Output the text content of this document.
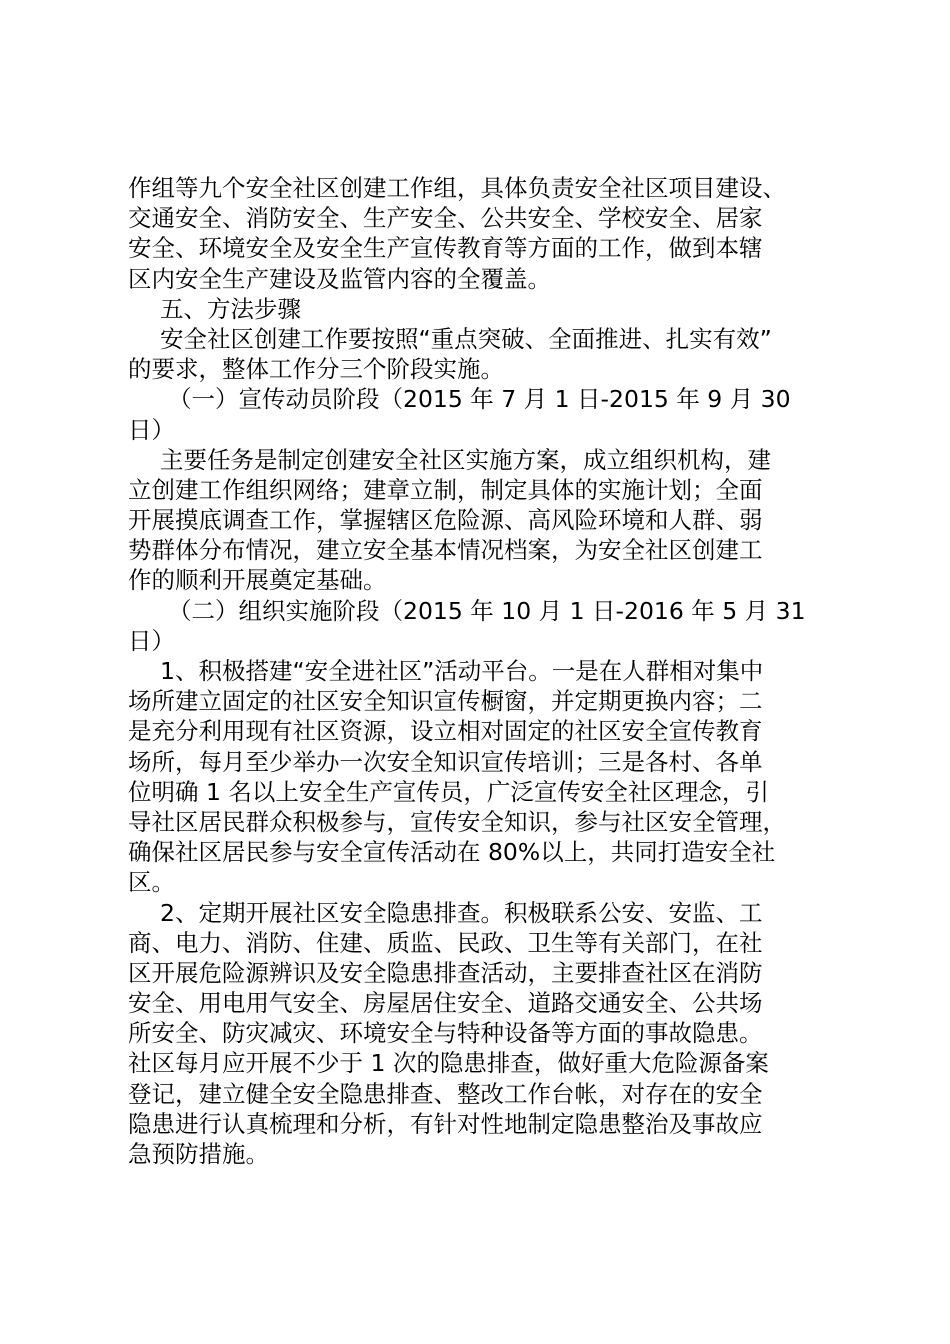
作组等九个安全社区创建工作组，具体负责安全社区项目建设、
交通安全、消防安全、生产安全、公共安全、学校安全、居家
安全、环境安全及安全生产宣传教育等方面的工作，做到本辖
区内安全生产建设及监管内容的全覆盖。
五、方法步骤
安全社区创建工作要按照“重点突破、全面推进、扎实有效”
的要求，整体工作分三个阶段实施。
（一）宣传动员阶段（2015 年 7 月 1 日-2015 年 9 月 30
日）
主要任务是制定创建安全社区实施方案，成立组织机构，建
立创建工作组织网络；建章立制，制定具体的实施计划；全面
开展摸底调查工作，掌握辖区危险源、高风险环境和人群、弱
势群体分布情况，建立安全基本情况档案，为安全社区创建工
作的顺利开展奠定基础。
（二）组织实施阶段（2015 年 10 月 1 日-2016 年 5 月 31
日）
1、积极搭建“安全进社区”活动平台。一是在人群相对集中
场所建立固定的社区安全知识宣传橱窗，并定期更换内容；二
是充分利用现有社区资源，设立相对固定的社区安全宣传教育
场所，每月至少举办一次安全知识宣传培训；三是各村、各单
位明确 1 名以上安全生产宣传员，广泛宣传安全社区理念，引
导社区居民群众积极参与，宣传安全知识，参与社区安全管理，
确保社区居民参与安全宣传活动在 80%以上，共同打造安全社
区。
2、定期开展社区安全隐患排查。积极联系公安、安监、工
商、电力、消防、住建、质监、民政、卫生等有关部门，在社
区开展危险源辨识及安全隐患排查活动，主要排查社区在消防
安全、用电用气安全、房屋居住安全、道路交通安全、公共场
所安全、防灾减灾、环境安全与特种设备等方面的事故隐患。
社区每月应开展不少于 1 次的隐患排查，做好重大危险源备案
登记，建立健全安全隐患排查、整改工作台帐，对存在的安全
隐患进行认真梳理和分析，有针对性地制定隐患整治及事故应
急预防措施。
